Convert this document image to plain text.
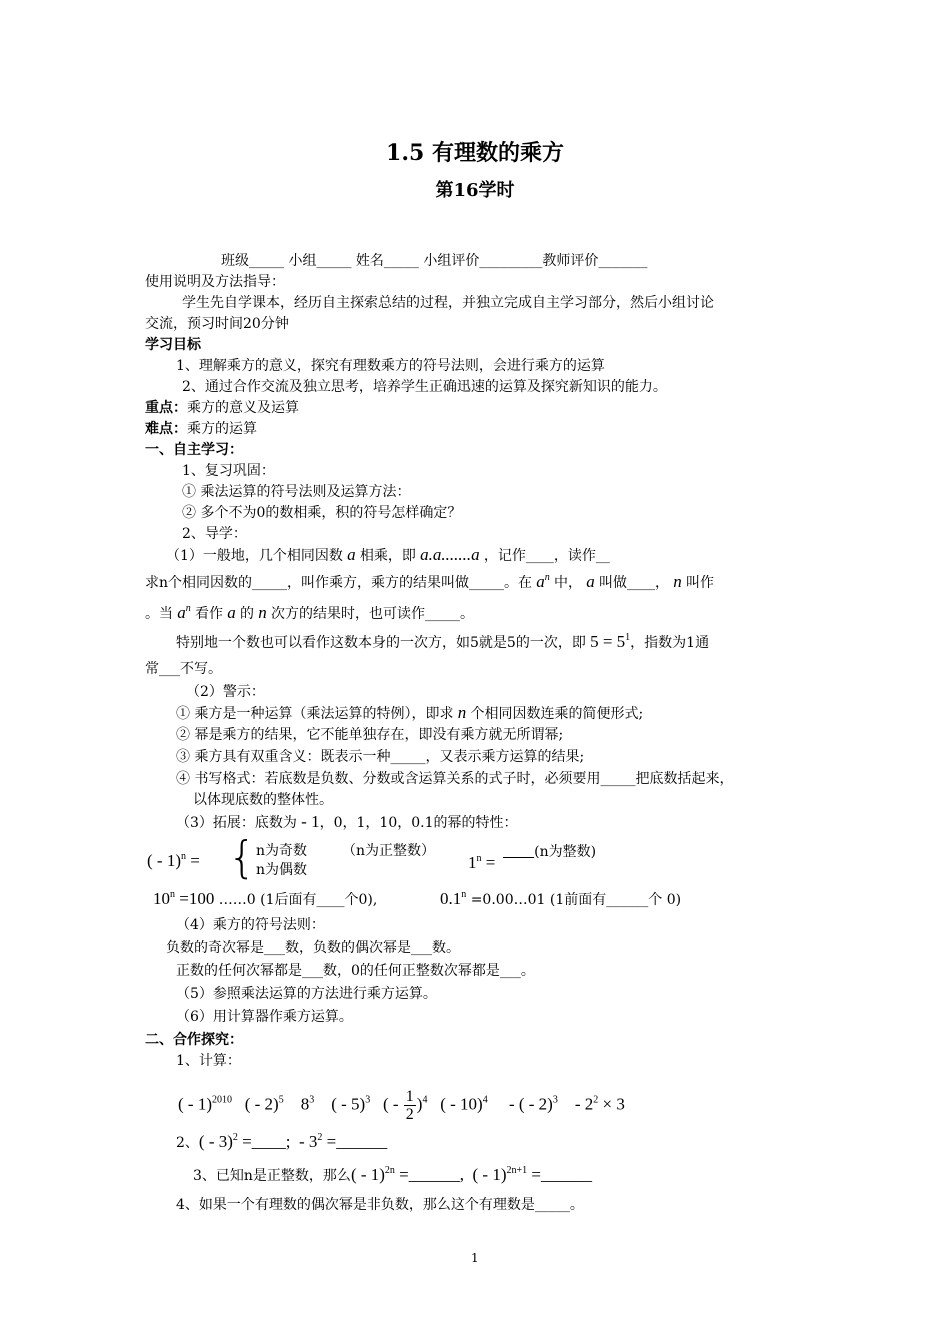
1.5 有理数的乘方
第16学时
班级_____ 小组_____ 姓名_____ 小组评价_________教师评价_______
使用说明及方法指导：
学生先自学课本，经历自主探索总结的过程，并独立完成自主学习部分，然后小组讨论
交流，预习时间20分钟
学习目标
1、理解乘方的意义，探究有理数乘方的符号法则，会进行乘方的运算
2、通过合作交流及独立思考，培养学生正确迅速的运算及探究新知识的能力。
重点：乘方的意义及运算
难点：乘方的运算
一、自主学习：
1、复习巩固：
① 乘法运算的符号法则及运算方法：
② 多个不为0的数相乘，积的符号怎样确定？
2、导学：
（1）一般地，几个相同因数 a 相乘，即 a.a.......a ，记作____，读作__
求n个相同因数的_____，叫作乘方，乘方的结果叫做_____。在 $a^n$ 中， a 叫做____， n 叫作
。当 $a^n$ 看作 a 的 n 次方的结果时，也可读作_____。
特别地一个数也可以看作这数本身的一次方，如5就是5的一次，即 $5 = 5^1$，指数为1通
常___不写。
（2）警示：
① 乘方是一种运算（乘法运算的特例），即求 n 个相同因数连乘的简便形式;
② 幂是乘方的结果，它不能单独存在，即没有乘方就无所谓幂;
③ 乘方具有双重含义：既表示一种_____，又表示乘方运算的结果;
④ 书写格式：若底数是负数、分数或含运算关系的式子时，必须要用_____把底数括起来，
以体现底数的整体性。
（3）拓展：底数为 - 1，0，1，10，0.1的幂的特性：
( - 1)$^n$ = { n为奇数
n为偶数
（n为正整数）
$1^n$ =
(n为整数)
$10^n =100$ ……0 (1后面有____个0),	$0.1^n$ =0.00…01 (1前面有______个 0)
（4）乘方的符号法则：
负数的奇次幂是___数，负数的偶次幂是___数。
正数的任何次幂都是___数，0的任何正整数次幂都是___。
（5）参照乘法运算的方法进行乘方运算。
（6）用计算器作乘方运算。
二、合作探究：
1、计算：
( - 1)$^{2010}$   ( - 2)$^5$    $8^3$    ( - 5)$^3$   ( - $\frac{1}{2} )^4$   ( - 10)$^4$     - ( - 2)$^3$    - $2^2 \times 3$
2、( - 3)$^2$ =____;  - $3^2$ =______
3、已知n是正整数，那么( - 1)$^{2n}$ =______,  ( - 1)$^{2n+1}$ =______
4、如果一个有理数的偶次幂是非负数，那么这个有理数是_____。
1
